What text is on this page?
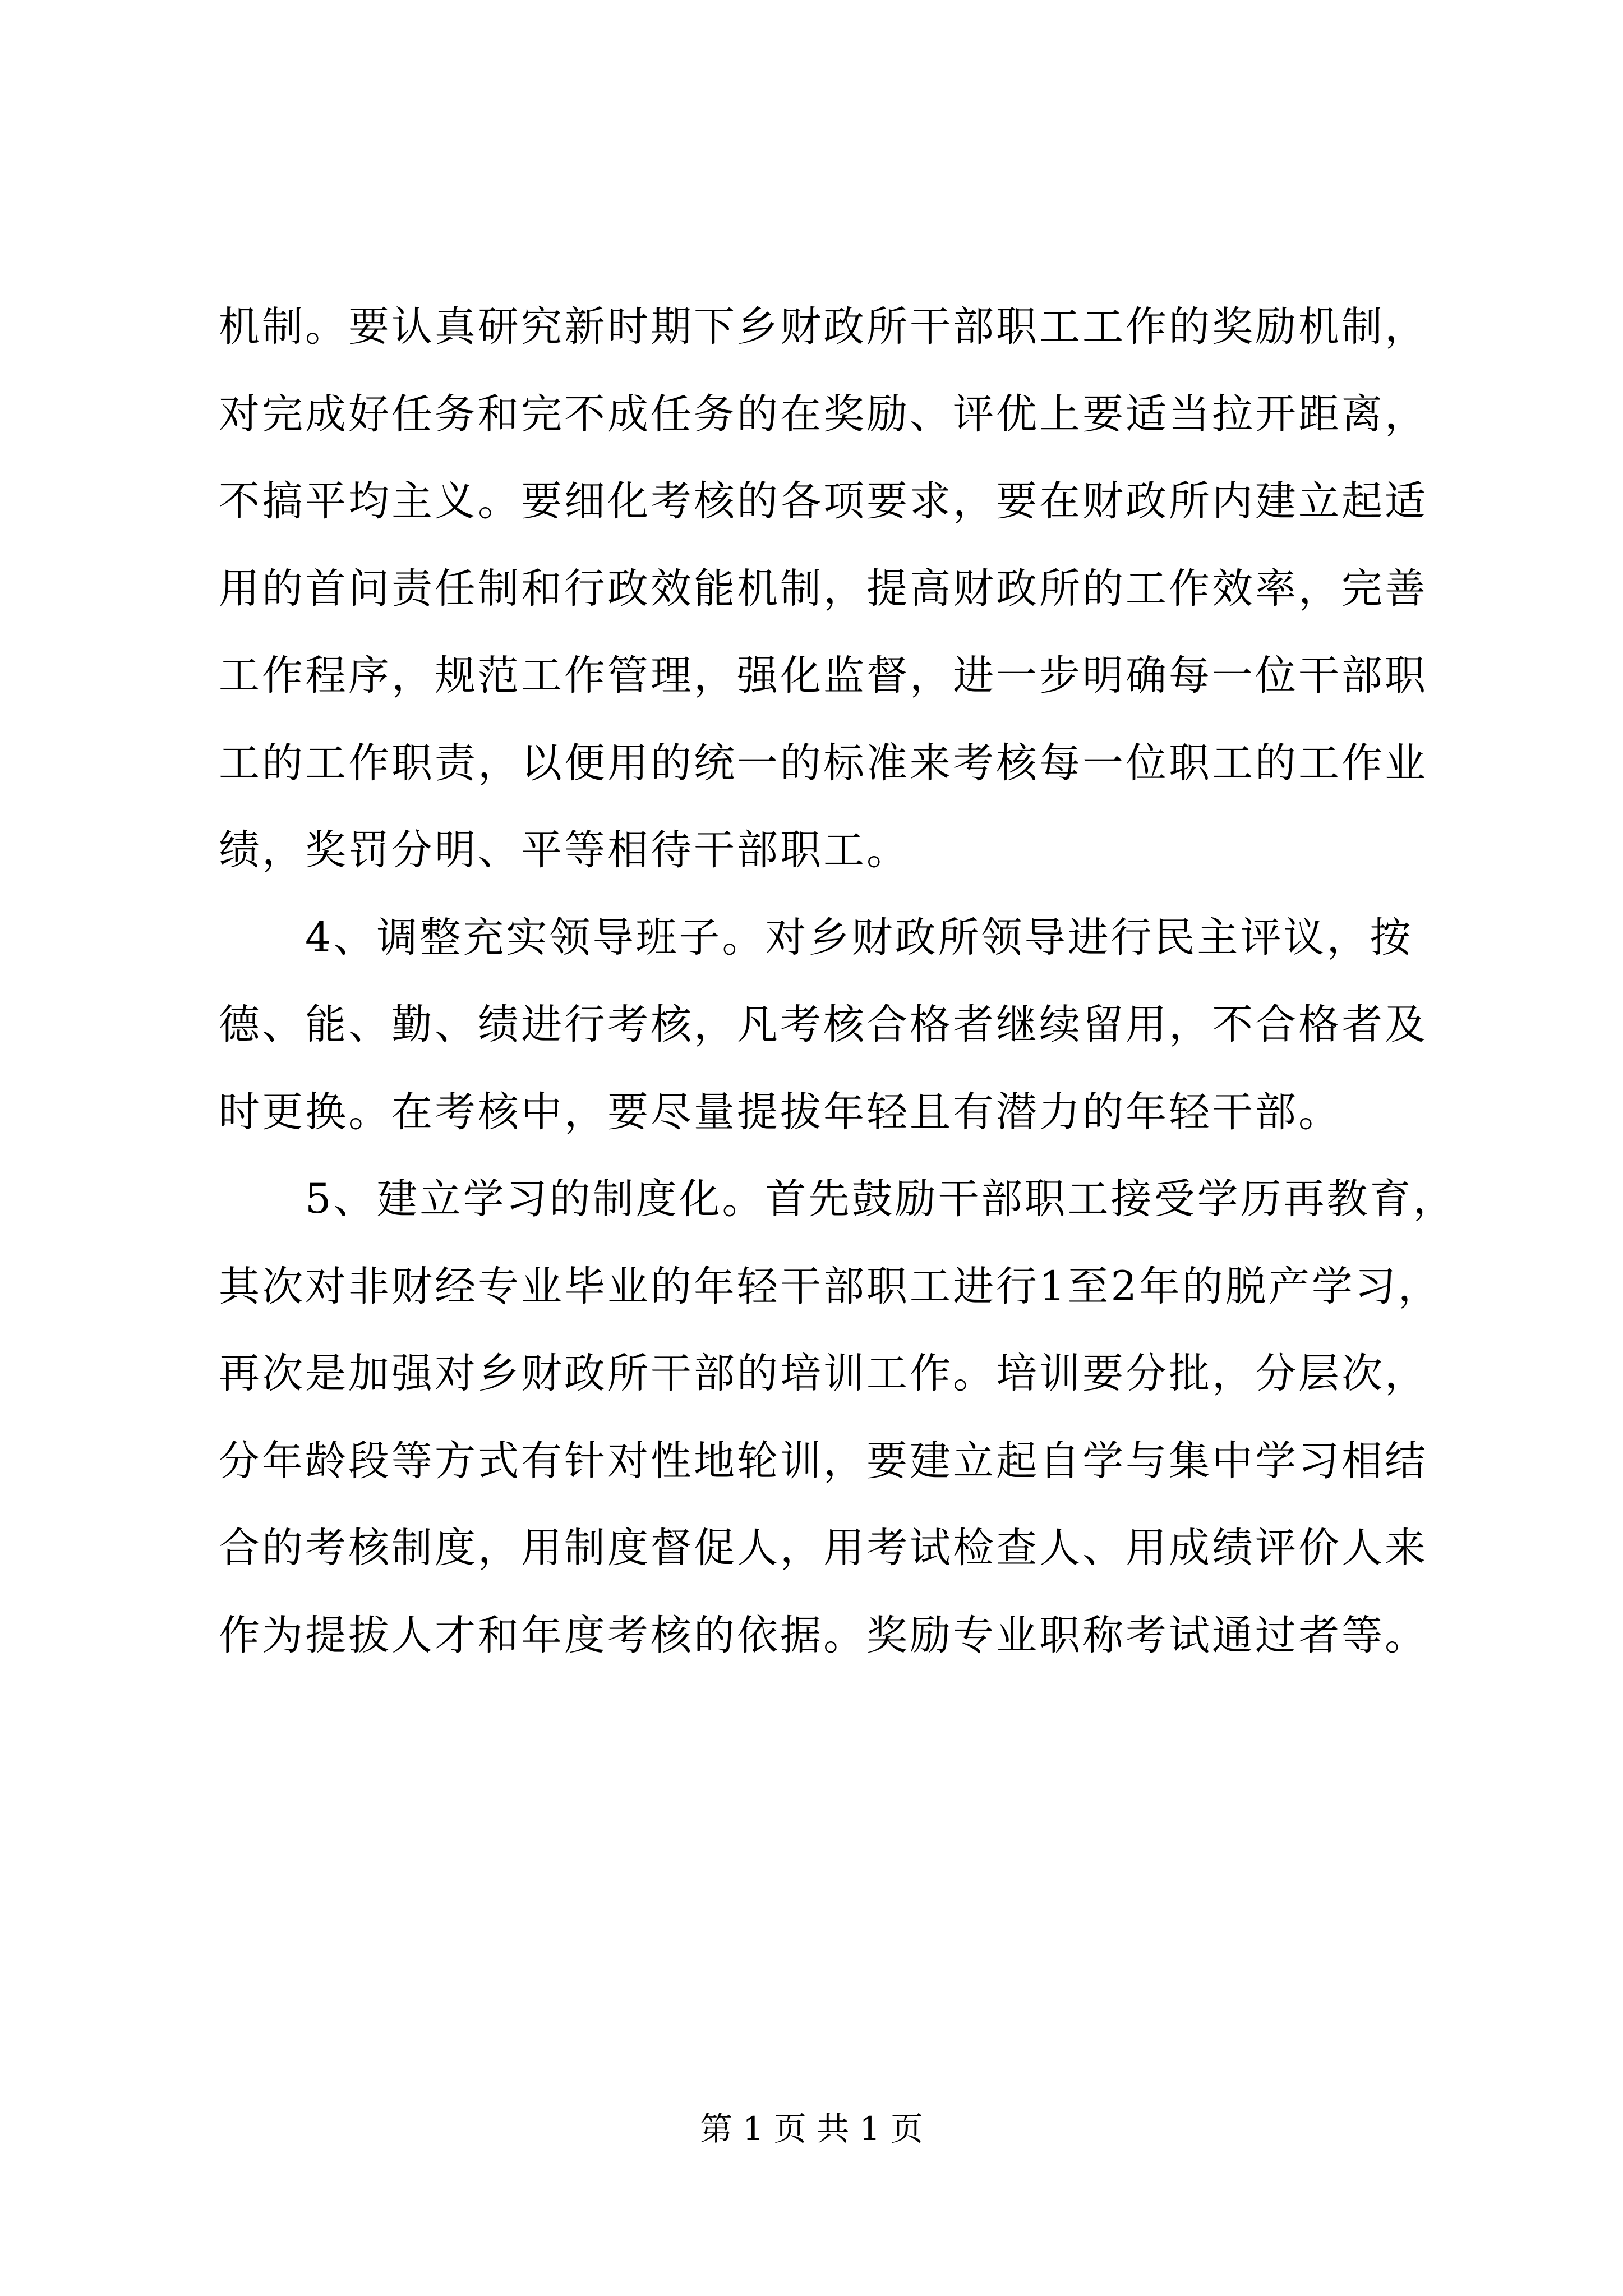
机制。要认真研究新时期下乡财政所干部职工工作的奖励机制，
对完成好任务和完不成任务的在奖励、评优上要适当拉开距离，
不搞平均主义。要细化考核的各项要求，要在财政所内建立起适
用的首问责任制和行政效能机制，提高财政所的工作效率，完善
工作程序，规范工作管理，强化监督，进一步明确每一位干部职
工的工作职责，以便用的统一的标准来考核每一位职工的工作业
绩，奖罚分明、平等相待干部职工。
　　4、调整充实领导班子。对乡财政所领导进行民主评议，按
德、能、勤、绩进行考核，凡考核合格者继续留用，不合格者及
时更换。在考核中，要尽量提拔年轻且有潜力的年轻干部。
　　5、建立学习的制度化。首先鼓励干部职工接受学历再教育，
其次对非财经专业毕业的年轻干部职工进行1至2年的脱产学习，
再次是加强对乡财政所干部的培训工作。培训要分批，分层次，
分年龄段等方式有针对性地轮训，要建立起自学与集中学习相结
合的考核制度，用制度督促人，用考试检查人、用成绩评价人来
作为提拔人才和年度考核的依据。奖励专业职称考试通过者等。
第 1 页 共 1 页
